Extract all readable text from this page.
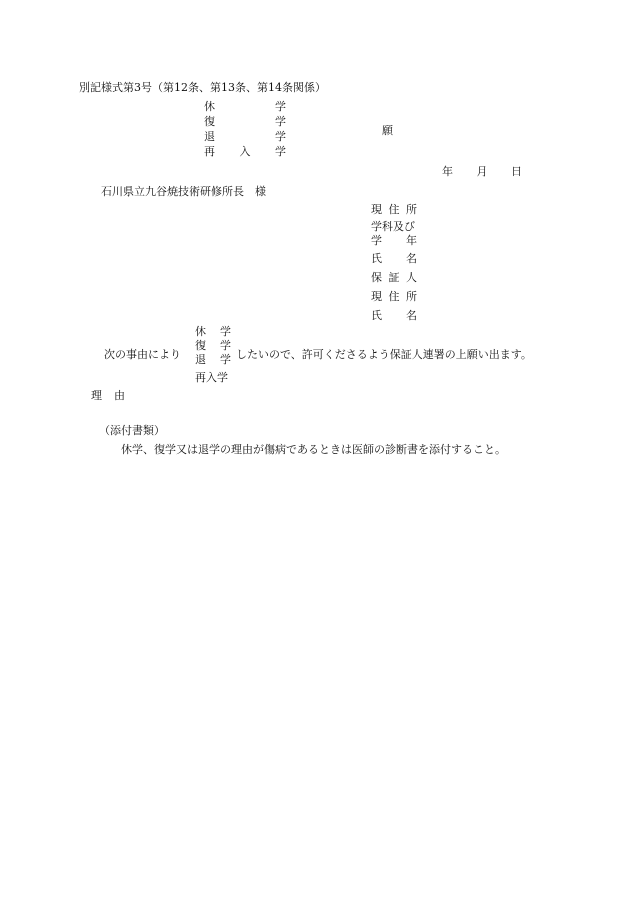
別記様式第3号（第12条、第13条、第14条関係）
休	学
復	学
退	学
再 入 学
願
年 月 日
石川県立九谷焼技術研修所長 様
現 住 所
学科及び
学 年
氏 名
保 証 人
現 住 所
氏 名
次の事由により
休 学
復 学
退 学
再入学
したいので、許可くださるよう保証人連署の上願い出ます。
理 由
（添付書類）
休学、復学又は退学の理由が傷病であるときは医師の診断書を添付すること。
